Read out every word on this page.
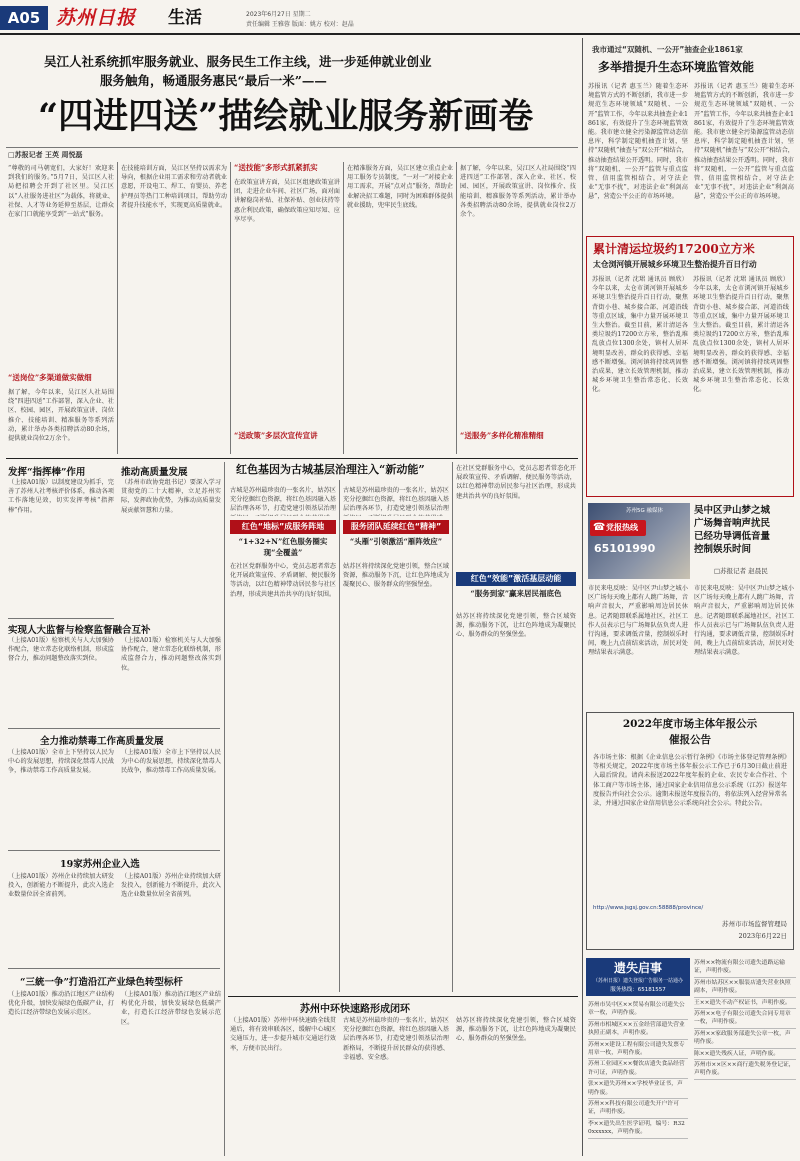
A05 苏州日报 生活	2023年6月27日 星期二
责任编辑 王雅蓉 版面：姚方 校对：赵晶
吴江人社系统抓牢服务就业、服务民生工作主线，进一步延伸就业创业
服务触角，畅通服务惠民“最后一米”——
“四进四送”描绘就业服务新画卷
□苏报记者 王英 周悦磊
“尊敬的司马朝宽们，大家好！欢迎来到我们的服务。”5月7日，吴江区人社局把招聘会开到了社区里。吴江区以“人社服务进社区”为载体，将就业、社保、人才等业务延伸至基层，让群众在家门口就能享受到“一站式”服务。
“送岗位”多渠道做实做细
据了解，今年以来，吴江区人社局围绕“四进四送”工作部署，深入企业、社区、校园、园区，开展政策宣讲、岗位推介、技能培训、精准服务等系列活动，累计举办各类招聘活动80余场，提供就业岗位2万余个。
在技能培训方面，吴江区坚持以需求为导向，根据企业用工需求和劳动者就业意愿，开设电工、焊工、育婴员、养老护理员等热门工种培训项目，帮助劳动者提升技能水平，实现更高质量就业。
“送技能”多形式抓紧抓实
在政策宣讲方面，吴江区组建政策宣讲团，走进企业车间、社区广场，面对面讲解稳岗补贴、社保补贴、创业扶持等惠企利民政策，确保政策应知尽知、应享尽享。
“送政策”多层次宣传宣讲
在精准服务方面，吴江区建立重点企业用工服务专员制度，“一对一”对接企业用工需求，开展“点对点”服务，帮助企业解决招工难题，同时为困难群体提供就业援助，兜牢民生底线。
据了解，今年以来，吴江区人社局围绕“四进四送”工作部署，深入企业、社区、校园、园区，开展政策宣讲、岗位推介、技能培训、精准服务等系列活动，累计举办各类招聘活动80余场，提供就业岗位2万余个。
“送服务”多样化精准精细
发挥“指挥棒”作用
（上接A01版）以制度建设为抓手，完善了苏州人社考核评价体系，推动各项工作落地见效，切实发挥考核“指挥棒”作用。
实现人大监督与检察监督融合互补
（上接A01版）检察机关与人大加强协作配合，建立常态化联络机制，形成监督合力，推动问题整改落实到位。
全力推动禁毒工作高质量发展
（上接A01版）全市上下坚持以人民为中心的发展思想，持续深化禁毒人民战争，推动禁毒工作高质量发展。
19家苏州企业入选
（上接A01版）苏州企业持续加大研发投入，创新能力不断提升，此次入选企业数量位居全省前列。
“三統一争”打造沿江产业绿色转型标杆
（上接A01版）推动沿江地区产业结构优化升级，加快发展绿色低碳产业，打造长江经济带绿色发展示范区。
推动高质量发展
（苏州市政协党组书记）要深入学习贯彻党的二十大精神，立足苏州实际，发挥政协优势，为推动高质量发展贡献智慧和力量。
（上接A01版）检察机关与人大加强协作配合，建立常态化联络机制，形成监督合力，推动问题整改落实到位。
（上接A01版）全市上下坚持以人民为中心的发展思想，持续深化禁毒人民战争，推动禁毒工作高质量发展。
（上接A01版）苏州企业持续加大研发投入，创新能力不断提升，此次入选企业数量位居全省前列。
（上接A01版）推动沿江地区产业结构优化升级，加快发展绿色低碳产业，打造长江经济带绿色发展示范区。
红色基因为古城基层治理注入“新动能”
古城是苏州最珍贵的一张名片，姑苏区充分挖掘红色资源，将红色基因融入基层治理各环节，打造党建引领基层治理
红色“地标”成服务阵地
“1+32+N”红色服务圈实现“全覆盖”
在社区党群服务中心，党员志愿者常态化开展政策宣传、矛盾调解、便民服务等活动，以红色精神带动居民参与社区治理，形成共建共治共享的良好氛围。
古城是苏州最珍贵的一张名片，姑苏区充分挖掘红色资源，将红色基因融入基层治理各环节，打造党建引领基层治理
服务团队延续红色“精神”
“头雁”引领激活“雁阵效应”
姑苏区将持续深化党建引领，整合区域资源，推动服务下沉，让红色阵地成为凝聚民心、服务群众的坚强堡垒。
在社区党群服务中心，党员志愿者常态化开展政策宣传、矛盾调解、便民服务等活动，以红色精神带动居民参与社区治理，形成共建共治共享的良好氛围。
红色“效能”激活基层动能
“服务到家”赢来居民福底色
姑苏区将持续深化党建引领，整合区域资源，推动服务下沉，让红色阵地成为凝聚民心、服务群众的坚强堡垒。
苏州中环快速路形成闭环
（上接A01版）苏州中环快速路全线贯通后，将有效串联各区，缓解中心城区交通压力，进一步提升城市交通运行效率，方便市民出行。
古城是苏州最珍贵的一张名片，姑苏区充分挖掘红色资源，将红色基因融入基层治理各环节，打造党建引领基层治理新格局，不断提升居民群众的获得感、幸福感、安全感。
姑苏区将持续深化党建引领，整合区域资源，推动服务下沉，让红色阵地成为凝聚民心、服务群众的坚强堡垒。
我市通过“双随机、一公开”抽查企业1861家
多举措提升生态环境监管效能
苏报讯（记者 惠玉兰）随着生态环境监管方式的不断创新，我市进一步规范生态环境领域“双随机、一公开”监管工作，今年以来共抽查企业1861家，有效提升了生态环境监管效能。我市建立健全污染源监管动态信息库，科学制定随机抽查计划，坚持“双随机”抽查与“双公开”相结合，推动抽查结果公开透明。同时，我市将“双随机、一公开”监管与重点监管、信用监管相结合，对守法企业“无事不扰”，对违法企业“利剑高悬”，营造公平公正的市场环境。
苏报讯（记者 惠玉兰）随着生态环境监管方式的不断创新，我市进一步规范生态环境领域“双随机、一公开”监管工作，今年以来共抽查企业1861家，有效提升了生态环境监管效能。我市建立健全污染源监管动态信息库，科学制定随机抽查计划，坚持“双随机”抽查与“双公开”相结合，推动抽查结果公开透明。同时，我市将“双随机、一公开”监管与重点监管、信用监管相结合，对守法企业“无事不扰”，对违法企业“利剑高悬”，营造公平公正的市场环境。
累计清运垃圾约17200立方米
太仓浏河镇开展城乡环境卫生整治提升百日行动
苏报讯（记者 沈珺 通讯员 顾欣）今年以来，太仓市浏河镇开展城乡环境卫生整治提升百日行动，聚焦背街小巷、城乡接合部、河道沿线等重点区域，集中力量开展环境卫生大整治。截至目前，累计清运各类垃圾约17200立方米，整治乱堆乱放点位1300余处，镇村人居环境明显改善，群众的获得感、幸福感不断增强。浏河镇将持续巩固整治成果，建立长效管理机制，推动城乡环境卫生整治常态化、长效化。
苏报讯（记者 沈珺 通讯员 顾欣）今年以来，太仓市浏河镇开展城乡环境卫生整治提升百日行动，聚焦背街小巷、城乡接合部、河道沿线等重点区域，集中力量开展环境卫生大整治。截至目前，累计清运各类垃圾约17200立方米，整治乱堆乱放点位1300余处，镇村人居环境明显改善，群众的获得感、幸福感不断增强。浏河镇将持续巩固整治成果，建立长效管理机制，推动城乡环境卫生整治常态化、长效化。
苏州5G 融媒体
☎ 党报热线
65101990
吴中区尹山梦之城
广场舞音响声扰民
已经功导调低音量
控制娱乐时间
□苏报记者 赵晨民
市民来电反映：吴中区尹山梦之城小区广场每天晚上都有人跳广场舞，音响声音很大，严重影响周边居民休息。记者随即联系属地社区，社区工作人员表示已与广场舞队伍负责人进行沟通，要求调低音量，控制娱乐时间，晚上九点前结束活动，居民对处理结果表示满意。
市民来电反映：吴中区尹山梦之城小区广场每天晚上都有人跳广场舞，音响声音很大，严重影响周边居民休息。记者随即联系属地社区，社区工作人员表示已与广场舞队伍负责人进行沟通，要求调低音量，控制娱乐时间，晚上九点前结束活动，居民对处理结果表示满意。
2022年度市场主体年报公示
催报公告
各市场主体：根据《企业信息公示暂行条例》《市场主体登记管理条例》等相关规定，2022年度市场主体年报公示工作已于6月30日截止前进入最后阶段。请尚未报送2022年度年报的企业、农民专业合作社、个体工商户等市场主体，通过国家企业信用信息公示系统（江苏）报送年度报告并向社会公示。逾期未报送年度报告的，将依法列入经营异常名录，并通过国家企业信用信息公示系统向社会公示。特此公告。
http://www.jsgsj.gov.cn:58888/province/
苏州市市场监督管理局
2023年6月22日
遗失启事
（苏州日报）遗失登报广告服务一站通办
服务热线：65181557
苏州市吴中区××贸易有限公司遗失公章一枚，声明作废。
苏州市相城区××五金经营部遗失营业执照正副本，声明作废。
苏州××建设工程有限公司遗失发票专用章一枚，声明作废。
苏州工业园区××餐饮店遗失食品经营许可证，声明作废。
张××遗失苏州××学校毕业证书，声明作废。
苏州××科技有限公司遗失开户许可证，声明作废。
李××遗失出生医学证明，编号：R320xxxxxx，声明作废。
苏州××物流有限公司遗失道路运输证，声明作废。
苏州市姑苏区××服装店遗失营业执照副本，声明作废。
王××遗失不动产权证书，声明作废。
苏州××电子有限公司遗失合同专用章一枚，声明作废。
苏州××家政服务部遗失公章一枚，声明作废。
陈××遗失残疾人证，声明作废。
苏州市××区××商行遗失税务登记证，声明作废。
